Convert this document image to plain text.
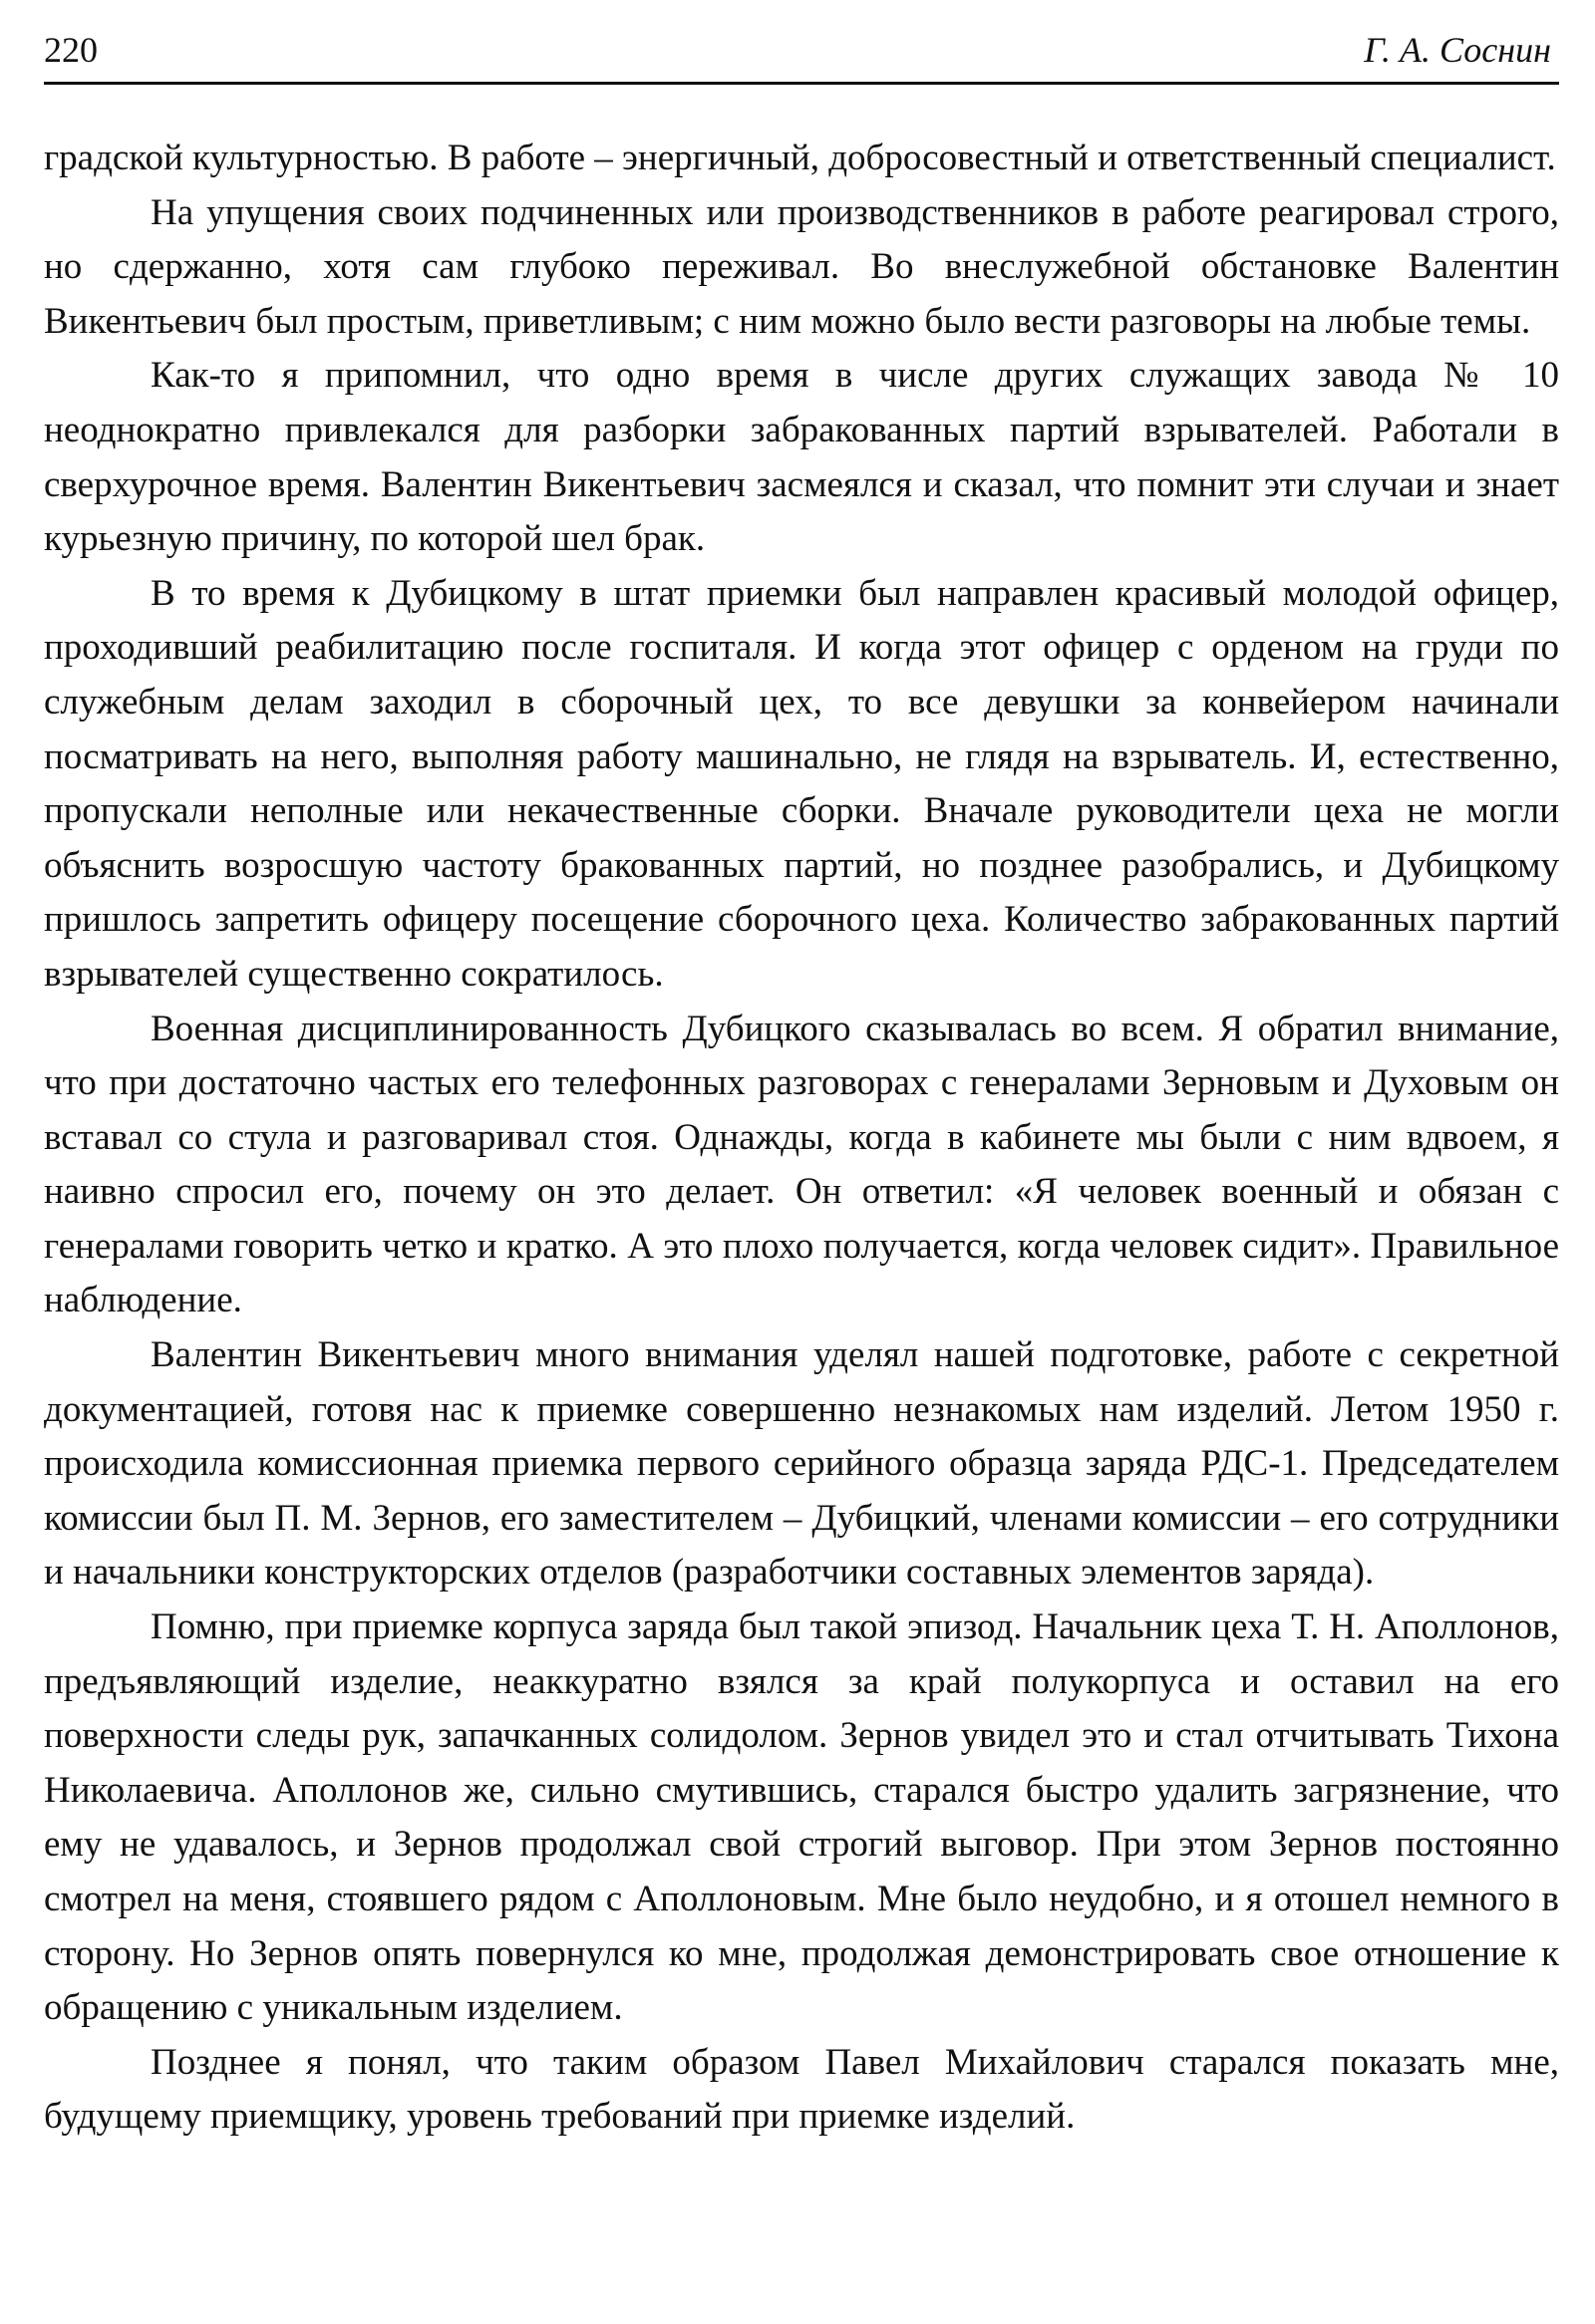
220	Г. А. Соснин

градской культурностью. В работе – энергичный, добросовестный и ответственный специалист.

На упущения своих подчиненных или производственников в работе реагировал строго, но сдержанно, хотя сам глубоко переживал. Во внеслужебной обстановке Валентин Викентьевич был простым, приветливым; с ним можно было вести разговоры на любые темы.

Как-то я припомнил, что одно время в числе других служащих завода № 10 неоднократно привлекался для разборки забракованных партий взрывателей. Работали в сверхурочное время. Валентин Викентьевич засмеялся и сказал, что помнит эти случаи и знает курьезную причину, по которой шел брак.

В то время к Дубицкому в штат приемки был направлен красивый молодой офицер, проходивший реабилитацию после госпиталя. И когда этот офицер с орденом на груди по служебным делам заходил в сборочный цех, то все девушки за конвейером начинали посматривать на него, выполняя работу машинально, не глядя на взрыватель. И, естественно, пропускали неполные или некачественные сборки. Вначале руководители цеха не могли объяснить возросшую частоту бракованных партий, но позднее разобрались, и Дубицкому пришлось запретить офицеру посещение сборочного цеха. Количество забракованных партий взрывателей существенно сократилось.

Военная дисциплинированность Дубицкого сказывалась во всем. Я обратил внимание, что при достаточно частых его телефонных разговорах с генералами Зерновым и Духовым он вставал со стула и разговаривал стоя. Однажды, когда в кабинете мы были с ним вдвоем, я наивно спросил его, почему он это делает. Он ответил: «Я человек военный и обязан с генералами говорить четко и кратко. А это плохо получается, когда человек сидит». Правильное наблюдение.

Валентин Викентьевич много внимания уделял нашей подготовке, работе с секретной документацией, готовя нас к приемке совершенно незнакомых нам изделий. Летом 1950 г. происходила комиссионная приемка первого серийного образца заряда РДС-1. Председателем комиссии был П. М. Зернов, его заместителем – Дубицкий, членами комиссии – его сотрудники и начальники конструкторских отделов (разработчики составных элементов заряда).

Помню, при приемке корпуса заряда был такой эпизод. Начальник цеха Т. Н. Аполлонов, предъявляющий изделие, неаккуратно взялся за край полукорпуса и оставил на его поверхности следы рук, запачканных солидолом. Зернов увидел это и стал отчитывать Тихона Николаевича. Аполлонов же, сильно смутившись, старался быстро удалить загрязнение, что ему не удавалось, и Зернов продолжал свой строгий выговор. При этом Зернов постоянно смотрел на меня, стоявшего рядом с Аполлоновым. Мне было неудобно, и я отошел немного в сторону. Но Зернов опять повернулся ко мне, продолжая демонстрировать свое отношение к обращению с уникальным изделием.

Позднее я понял, что таким образом Павел Михайлович старался показать мне, будущему приемщику, уровень требований при приемке изделий.
